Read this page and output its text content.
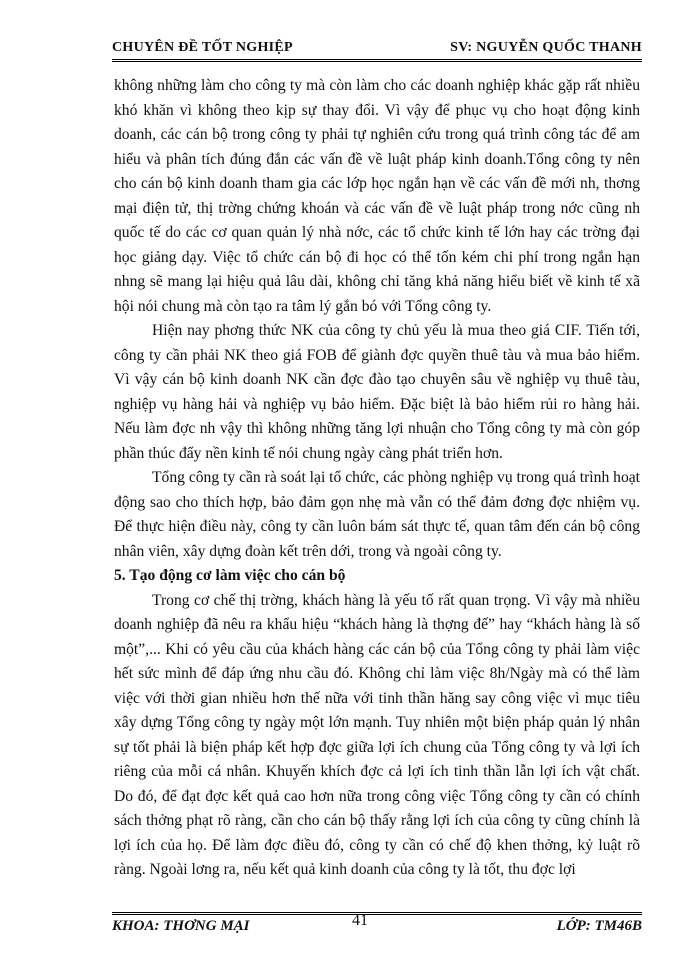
CHUYÊN ĐỀ TỐT NGHIỆP	SV: NGUYỄN QUỐC THANH

không những làm cho công ty mà còn làm cho các doanh nghiệp khác gặp rất nhiều khó khăn vì không theo kịp sự thay đổi. Vì vậy để phục vụ cho hoạt động kinh doanh, các cán bộ trong công ty phải tự nghiên cứu trong quá trình công tác để am hiểu và phân tích đúng đắn các vấn đề về luật pháp kinh doanh.Tổng công ty nên cho cán bộ kinh doanh tham gia các lớp học ngắn hạn về các vấn đề mới nh, thơng mại điện tử, thị trờng chứng khoán và các vấn đề về luật pháp trong nớc cũng nh quốc tế do các cơ quan quản lý nhà nớc, các tổ chức kinh tế lớn hay các trờng đại học giảng dạy. Việc tổ chức cán bộ đi học có thể tốn kém chi phí trong ngắn hạn nhng sẽ mang lại hiệu quả lâu dài, không chỉ tăng khả năng hiểu biết về kinh tế xã hội nói chung mà còn tạo ra tâm lý gắn bó với Tổng công ty.

Hiện nay phơng thức NK của công ty chủ yếu là mua theo giá CIF. Tiến tới, công ty cần phải NK theo giá FOB để giành đợc quyền thuê tàu và mua bảo hiểm. Vì vậy cán bộ kinh doanh NK cần đợc đào tạo chuyên sâu về nghiệp vụ thuê tàu, nghiệp vụ hàng hải và nghiệp vụ bảo hiểm. Đặc biệt là bảo hiểm rủi ro hàng hải. Nếu làm đợc nh vậy thì không những tăng lợi nhuận cho Tổng công ty mà còn góp phần thúc đẩy nền kinh tế nói chung ngày càng phát triển hơn.

Tổng công ty cần rà soát lại tổ chức, các phòng nghiệp vụ trong quá trình hoạt động sao cho thích hợp, bảo đảm gọn nhẹ mà vẫn có thể đảm đơng đợc nhiệm vụ. Để thực hiện điều này, công ty cần luôn bám sát thực tế, quan tâm đến cán bộ công nhân viên, xây dựng đoàn kết trên dới, trong và ngoài công ty.

5. Tạo động cơ làm việc cho cán bộ

Trong cơ chế thị trờng, khách hàng là yếu tố rất quan trọng. Vì vậy mà nhiều doanh nghiệp đã nêu ra khẩu hiệu “khách hàng là thợng đế” hay “khách hàng là số một”,... Khi có yêu cầu của khách hàng các cán bộ của Tổng công ty phải làm việc hết sức mình để đáp ứng nhu cầu đó. Không chỉ làm việc 8h/Ngày mà có thể làm việc với thời gian nhiều hơn thế nữa với tinh thần hăng say công việc vì mục tiêu xây dựng Tổng công ty ngày một lớn mạnh. Tuy nhiên một biện pháp quản lý nhân sự tốt phải là biện pháp kết hợp đợc giữa lợi ích chung của Tổng công ty và lợi ích riêng của mỗi cá nhân. Khuyến khích đợc cả lợi ích tinh thần lẫn lợi ích vật chất. Do đó, để đạt đợc kết quả cao hơn nữa trong công việc Tổng công ty cần có chính sách thởng phạt rõ ràng, cần cho cán bộ thấy rằng lợi ích của công ty cũng chính là lợi ích của họ. Để làm đợc điều đó, công ty cần có chế độ khen thởng, kỷ luật rõ ràng. Ngoài lơng ra, nếu kết quả kinh doanh của công ty là tốt, thu đợc lợi

KHOA: THƠNG MẠI	41	LỚP: TM46B
